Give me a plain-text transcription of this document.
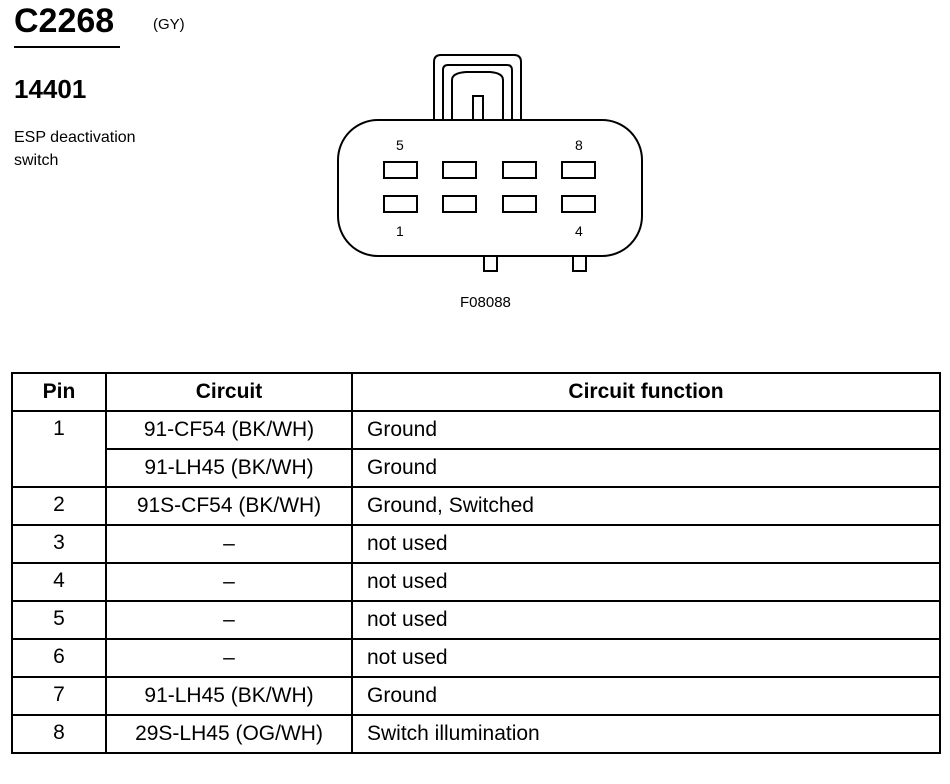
C2268	(GY)
14401
ESP deactivation switch
5	8
1	4
F08088
Pin	Circuit	Circuit function
1	91-CF54 (BK/WH)	Ground
	91-LH45 (BK/WH)	Ground
2	91S-CF54 (BK/WH)	Ground, Switched
3	–	not used
4	–	not used
5	–	not used
6	–	not used
7	91-LH45 (BK/WH)	Ground
8	29S-LH45 (OG/WH)	Switch illumination
